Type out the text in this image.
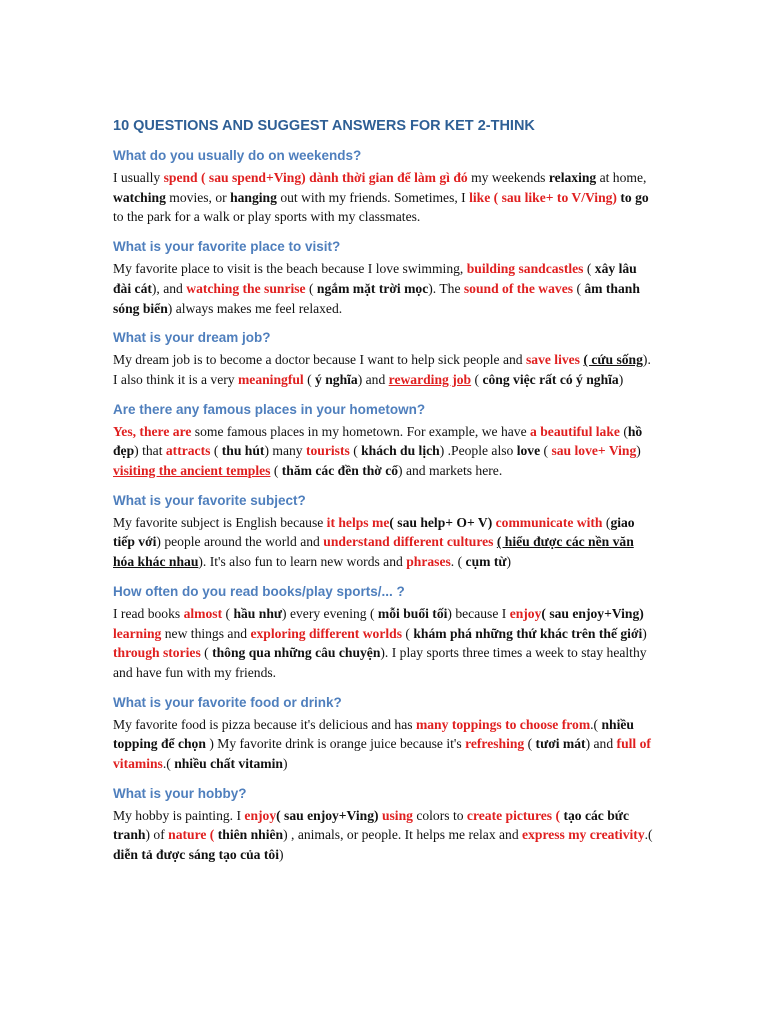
10 QUESTIONS AND SUGGEST ANSWERS FOR KET 2-THINK
What do you usually do on weekends?

I usually spend ( sau spend+Ving) dành thời gian để làm gì đó my weekends relaxing at home, watching movies, or hanging out with my friends. Sometimes, I like ( sau like+ to V/Ving) to go to the park for a walk or play sports with my classmates.

What is your favorite place to visit?

My favorite place to visit is the beach because I love swimming, building sandcastles ( xây lâu đài cát), and watching the sunrise ( ngắm mặt trời mọc). The sound of the waves ( âm thanh sóng biển) always makes me feel relaxed.

What is your dream job?

My dream job is to become a doctor because I want to help sick people and save lives ( cứu sống). I also think it is a very meaningful ( ý nghĩa) and rewarding job ( công việc rất có ý nghĩa)

Are there any famous places in your hometown?

Yes, there are some famous places in my hometown. For example, we have a beautiful lake (hồ đẹp) that attracts ( thu hút) many tourists ( khách du lịch) .People also love ( sau love+ Ving) visiting the ancient temples ( thăm các đền thờ cổ) and markets here.

What is your favorite subject?

My favorite subject is English because it helps me( sau help+ O+ V) communicate with (giao tiếp với) people around the world and understand different cultures ( hiểu được các nền văn hóa khác nhau). It's also fun to learn new words and phrases. ( cụm từ)

How often do you read books/play sports/... ?

I read books almost ( hầu như) every evening ( mỗi buổi tối) because I enjoy( sau enjoy+Ving) learning new things and exploring different worlds ( khám phá những thứ khác trên thế giới) through stories ( thông qua những câu chuyện). I play sports three times a week to stay healthy and have fun with my friends.

What is your favorite food or drink?

My favorite food is pizza because it's delicious and has many toppings to choose from.( nhiều topping để chọn ) My favorite drink is orange juice because it's refreshing ( tươi mát) and full of vitamins.( nhiều chất vitamin)

What is your hobby?

My hobby is painting. I enjoy( sau enjoy+Ving) using colors to create pictures ( tạo các bức tranh) of nature ( thiên nhiên) , animals, or people. It helps me relax and express my creativity.( diễn tả được sáng tạo của tôi)
